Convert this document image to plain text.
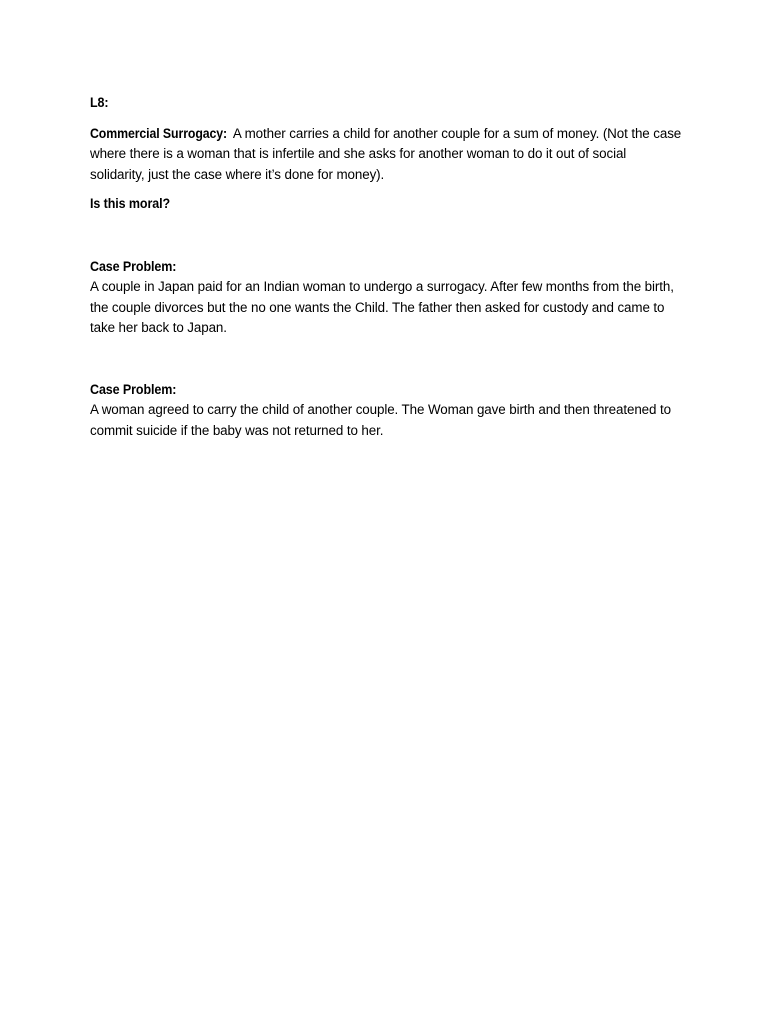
L8:

Commercial Surrogacy: A mother carries a child for another couple for a sum of money. (Not the case where there is a woman that is infertile and she asks for another woman to do it out of social solidarity, just the case where it’s done for money).

Is this moral?

Case Problem:

A couple in Japan paid for an Indian woman to undergo a surrogacy. After few months from the birth, the couple divorces but the no one wants the Child. The father then asked for custody and came to take her back to Japan.

Case Problem:

A woman agreed to carry the child of another couple. The Woman gave birth and then threatened to commit suicide if the baby was not returned to her.
